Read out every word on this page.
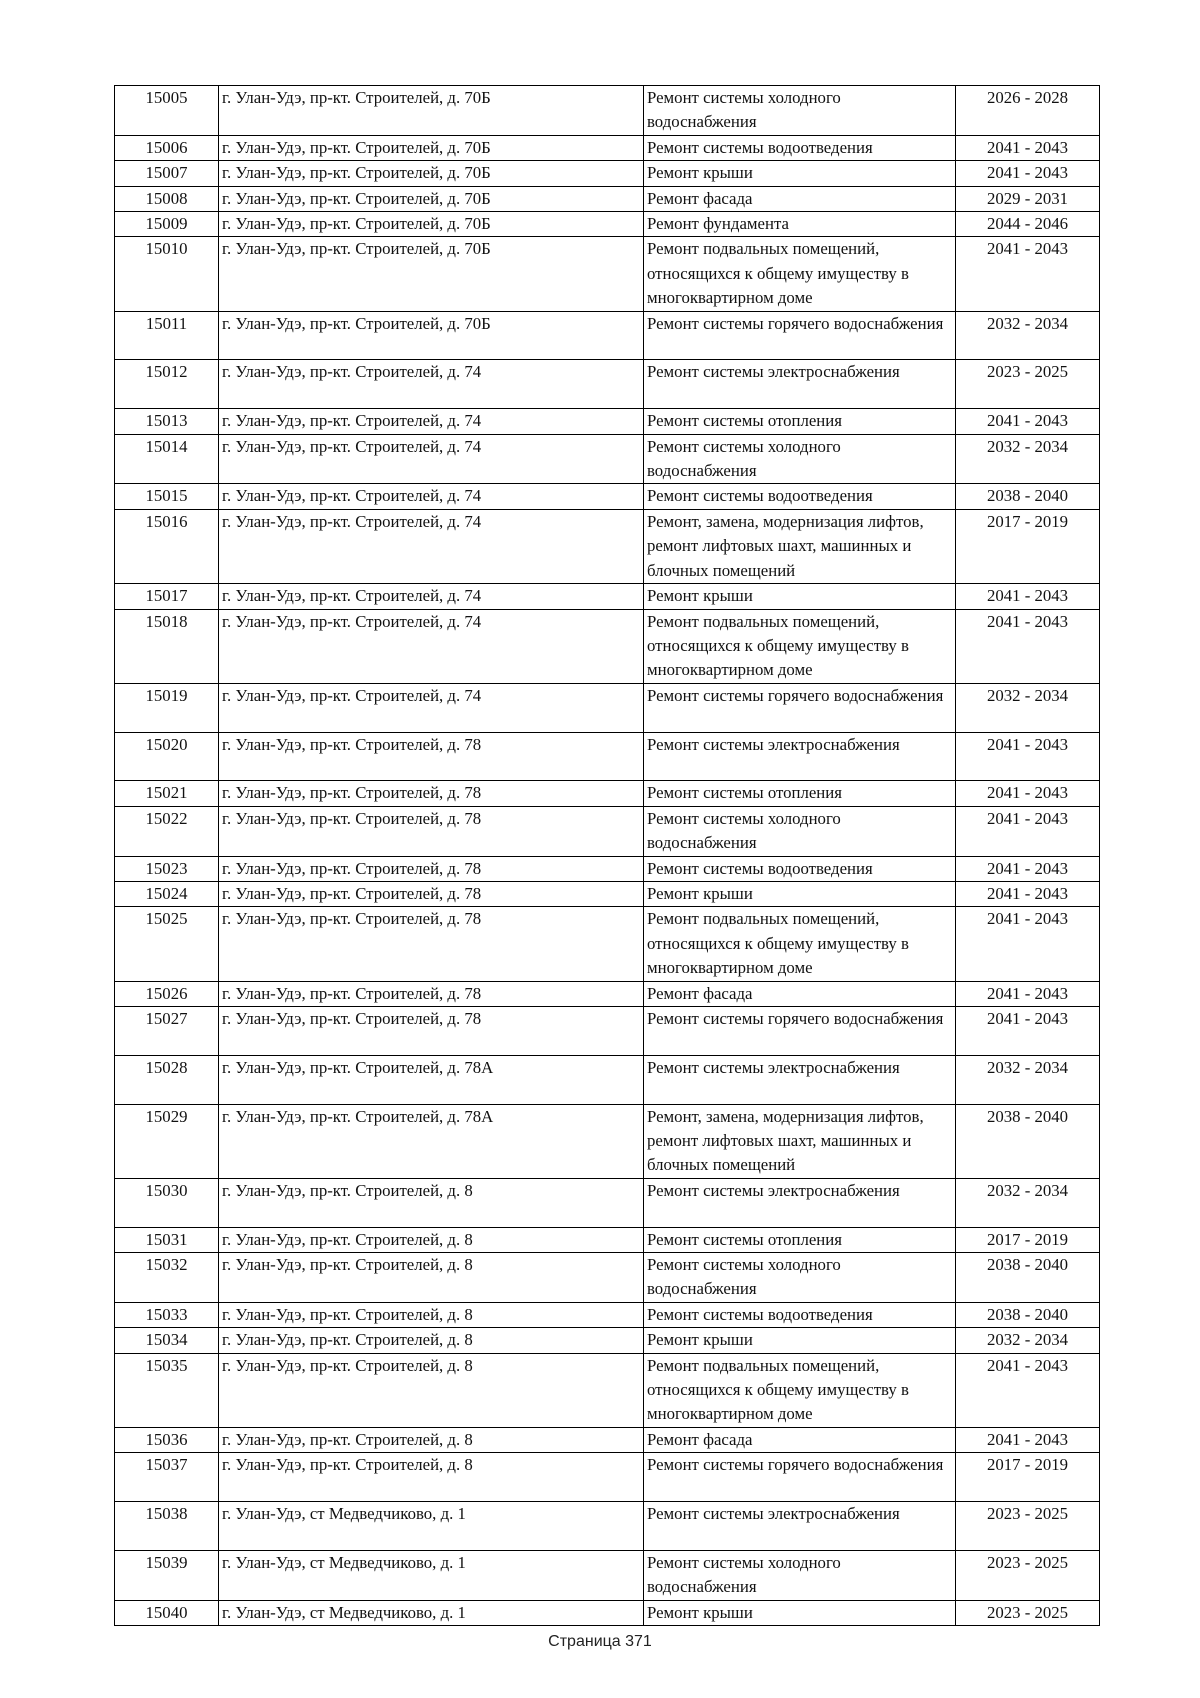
15005	г. Улан-Удэ, пр-кт. Строителей, д. 70Б	Ремонт системы холодного водоснабжения	2026 - 2028
15006	г. Улан-Удэ, пр-кт. Строителей, д. 70Б	Ремонт системы водоотведения	2041 - 2043
15007	г. Улан-Удэ, пр-кт. Строителей, д. 70Б	Ремонт крыши	2041 - 2043
15008	г. Улан-Удэ, пр-кт. Строителей, д. 70Б	Ремонт фасада	2029 - 2031
15009	г. Улан-Удэ, пр-кт. Строителей, д. 70Б	Ремонт фундамента	2044 - 2046
15010	г. Улан-Удэ, пр-кт. Строителей, д. 70Б	Ремонт подвальных помещений, относящихся к общему имуществу в многоквартирном доме	2041 - 2043
15011	г. Улан-Удэ, пр-кт. Строителей, д. 70Б	Ремонт системы горячего водоснабжения	2032 - 2034
15012	г. Улан-Удэ, пр-кт. Строителей, д. 74	Ремонт системы электроснабжения	2023 - 2025
15013	г. Улан-Удэ, пр-кт. Строителей, д. 74	Ремонт системы отопления	2041 - 2043
15014	г. Улан-Удэ, пр-кт. Строителей, д. 74	Ремонт системы холодного водоснабжения	2032 - 2034
15015	г. Улан-Удэ, пр-кт. Строителей, д. 74	Ремонт системы водоотведения	2038 - 2040
15016	г. Улан-Удэ, пр-кт. Строителей, д. 74	Ремонт, замена, модернизация лифтов, ремонт лифтовых шахт, машинных и блочных помещений	2017 - 2019
15017	г. Улан-Удэ, пр-кт. Строителей, д. 74	Ремонт крыши	2041 - 2043
15018	г. Улан-Удэ, пр-кт. Строителей, д. 74	Ремонт подвальных помещений, относящихся к общему имуществу в многоквартирном доме	2041 - 2043
15019	г. Улан-Удэ, пр-кт. Строителей, д. 74	Ремонт системы горячего водоснабжения	2032 - 2034
15020	г. Улан-Удэ, пр-кт. Строителей, д. 78	Ремонт системы электроснабжения	2041 - 2043
15021	г. Улан-Удэ, пр-кт. Строителей, д. 78	Ремонт системы отопления	2041 - 2043
15022	г. Улан-Удэ, пр-кт. Строителей, д. 78	Ремонт системы холодного водоснабжения	2041 - 2043
15023	г. Улан-Удэ, пр-кт. Строителей, д. 78	Ремонт системы водоотведения	2041 - 2043
15024	г. Улан-Удэ, пр-кт. Строителей, д. 78	Ремонт крыши	2041 - 2043
15025	г. Улан-Удэ, пр-кт. Строителей, д. 78	Ремонт подвальных помещений, относящихся к общему имуществу в многоквартирном доме	2041 - 2043
15026	г. Улан-Удэ, пр-кт. Строителей, д. 78	Ремонт фасада	2041 - 2043
15027	г. Улан-Удэ, пр-кт. Строителей, д. 78	Ремонт системы горячего водоснабжения	2041 - 2043
15028	г. Улан-Удэ, пр-кт. Строителей, д. 78А	Ремонт системы электроснабжения	2032 - 2034
15029	г. Улан-Удэ, пр-кт. Строителей, д. 78А	Ремонт, замена, модернизация лифтов, ремонт лифтовых шахт, машинных и блочных помещений	2038 - 2040
15030	г. Улан-Удэ, пр-кт. Строителей, д. 8	Ремонт системы электроснабжения	2032 - 2034
15031	г. Улан-Удэ, пр-кт. Строителей, д. 8	Ремонт системы отопления	2017 - 2019
15032	г. Улан-Удэ, пр-кт. Строителей, д. 8	Ремонт системы холодного водоснабжения	2038 - 2040
15033	г. Улан-Удэ, пр-кт. Строителей, д. 8	Ремонт системы водоотведения	2038 - 2040
15034	г. Улан-Удэ, пр-кт. Строителей, д. 8	Ремонт крыши	2032 - 2034
15035	г. Улан-Удэ, пр-кт. Строителей, д. 8	Ремонт подвальных помещений, относящихся к общему имуществу в многоквартирном доме	2041 - 2043
15036	г. Улан-Удэ, пр-кт. Строителей, д. 8	Ремонт фасада	2041 - 2043
15037	г. Улан-Удэ, пр-кт. Строителей, д. 8	Ремонт системы горячего водоснабжения	2017 - 2019
15038	г. Улан-Удэ, ст Медведчиково, д. 1	Ремонт системы электроснабжения	2023 - 2025
15039	г. Улан-Удэ, ст Медведчиково, д. 1	Ремонт системы холодного водоснабжения	2023 - 2025
15040	г. Улан-Удэ, ст Медведчиково, д. 1	Ремонт крыши	2023 - 2025
Страница 371
